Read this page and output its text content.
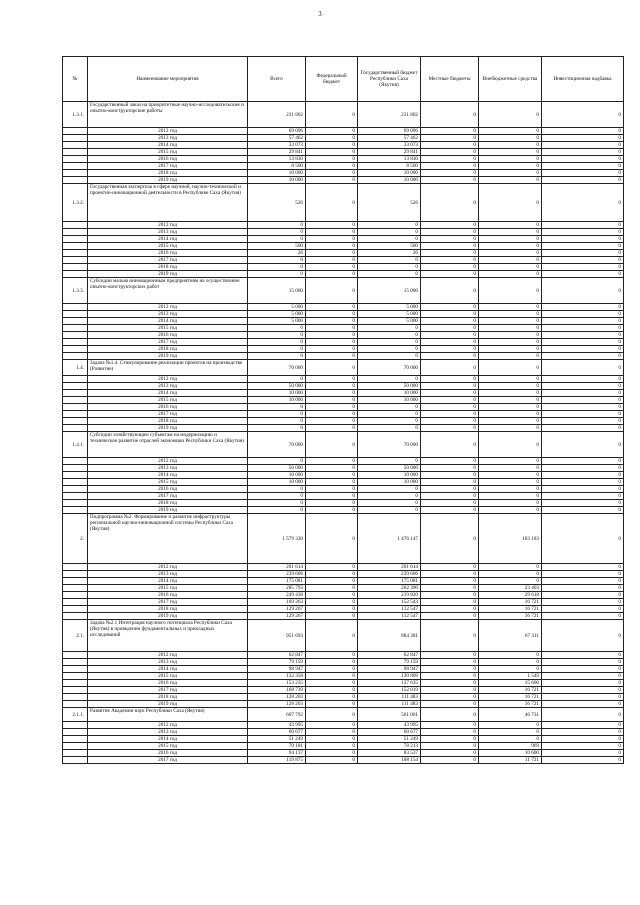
3
№	Наименование мероприятия	Всего	Федеральный бюджет	Государственный бюджет Республики Саха (Якутия)	Местные бюджеты	Внебюджетные средства	Инвестиционная надбавка
1.3.1.	Государственный заказ на приоритетные научно-исследовательские и опытно-конструкторские работы	231 802	0	231 802	0	0	0
	2012 год	69 096	0	69 096	0	0	0
	2013 год	57 462	0	57 462	0	0	0
	2014 год	33 073	0	33 073	0	0	0
	2015 год	29 841	0	29 841	0	0	0
	2016 год	13 830	0	13 830	0	0	0
	2017 год	8 500	0	8 500	0	0	0
	2018 год	10 000	0	10 000	0	0	0
	2019 год	10 000	0	10 000	0	0	0
1.3.2.	Государственная экспертиза в сфере научной, научно-технической и проектно-инновационной деятельности в Республике Саха (Якутия)	526	0	526	0	0	0
	2012 год	0	0	0	0	0	0
	2013 год	0	0	0	0	0	0
	2014 год	0	0	0	0	0	0
	2015 год	500	0	500	0	0	0
	2016 год	26	0	26	0	0	0
	2017 год	0	0	0	0	0	0
	2018 год	0	0	0	0	0	0
	2019 год	0	0	0	0	0	0
1.3.3.	Субсидии малым инновационным предприятиям на осуществление опытно-конструкторских работ	15 000	0	15 000	0	0	0
	2012 год	5 000	0	5 000	0	0	0
	2013 год	5 000	0	5 000	0	0	0
	2014 год	5 000	0	5 000	0	0	0
	2015 год	0	0	0	0	0	0
	2016 год	0	0	0	0	0	0
	2017 год	0	0	0	0	0	0
	2018 год	0	0	0	0	0	0
	2019 год	0	0	0	0	0	0
1.4.	Задача №1.4. Стимулирование реализации проектов на производстве (Развитие)	70 000	0	70 000	0	0	0
	2012 год	0	0	0	0	0	0
	2013 год	50 000	0	50 000	0	0	0
	2014 год	10 000	0	10 000	0	0	0
	2015 год	10 000	0	10 000	0	0	0
	2016 год	0	0	0	0	0	0
	2017 год	0	0	0	0	0	0
	2018 год	0	0	0	0	0	0
	2019 год	0	0	0	0	0	0
1.4.1.	Субсидии хозяйствующим субъектам на модернизацию и техническое развитие отраслей экономики Республики Саха (Якутия)	70 000	0	70 000	0	0	0
	2012 год	0	0	0	0	0	0
	2013 год	50 000	0	50 000	0	0	0
	2014 год	10 000	0	10 000	0	0	0
	2015 год	10 000	0	10 000	0	0	0
	2016 год	0	0	0	0	0	0
	2017 год	0	0	0	0	0	0
	2018 год	0	0	0	0	0	0
	2019 год	0	0	0	0	0	0
2.	Подпрограмма №2. Формирование и развитие инфраструктуры региональной научно-инновационной системы Республики Саха (Якутия)	1 579 330	0	1 476 147	0	103 183	0
	2012 год	201 614	0	201 614	0	0	0
	2013 год	239 606	0	239 606	0	0	0
	2014 год	175 081	0	175 081	0	0	0
	2015 год	285 793	0	262 390	0	23 403	0
	2016 год	249 438	0	219 820	0	29 618	0
	2017 год	169 263	0	152 543	0	16 721	0
	2018 год	129 267	0	112 547	0	16 721	0
	2019 год	129 267	0	112 547	0	16 721	0
2.1.	Задача №2.1 Интеграция научного потенциала Республики Саха (Якутия) в проведении фундаментальных и прикладных исследований	951 693	0	884 381	0	67 311	0
	2012 год	62 847	0	62 847	0	0	0
	2013 год	79 159	0	79 159	0	0	0
	2014 год	98 947	0	98 947	0	0	0
	2015 год	132 358	0	130 809	0	1 549	0
	2016 год	153 235	0	137 635	0	15 600	0
	2017 год	168 739	0	152 019	0	16 721	0
	2018 год	128 203	0	111 483	0	16 721	0
	2019 год	128 203	0	111 483	0	16 721	0
2.1.1.	Развитие Академии наук Республики Саха (Якутия)	607 792	0	561 061	0	46 731	0
	2012 год	43 995	0	43 995	0	0	0
	2013 год	60 677	0	60 677	0	0	0
	2014 год	51 249	0	51 249	0	0	0
	2015 год	79 181	0	78 213	0	969	0
	2016 год	94 137	0	83 537	0	10 600	0
	2017 год	119 875	0	108 154	0	11 721	0
